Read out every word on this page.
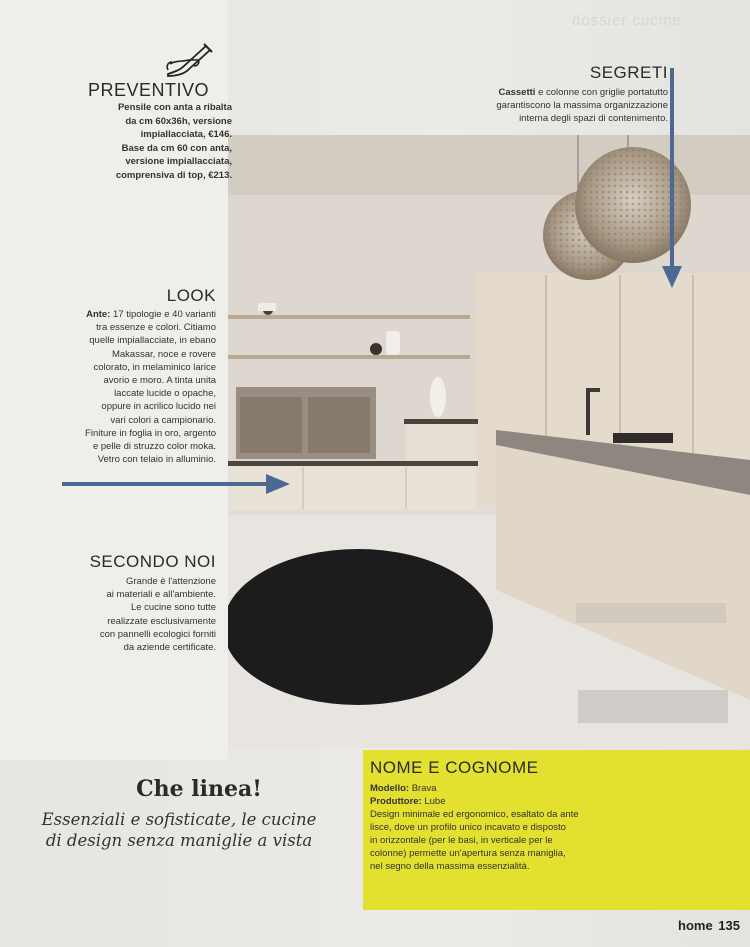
dossier cucine

PREVENTIVO
Pensile con anta a ribalta
da cm 60x36h, versione
impiallacciata, €146.
Base da cm 60 con anta,
versione impiallacciata,
comprensiva di top, €213.
SEGRETI
Cassetti e colonne con griglie portatutto
garantiscono la massima organizzazione
interna degli spazi di contenimento.
LOOK
Ante: 17 tipologie e 40 varianti
tra essenze e colori. Citiamo
quelle impiallacciate, in ebano
Makassar, noce e rovere
colorato, in melaminico larice
avorio e moro. A tinta unita
laccate lucide o opache,
oppure in acrilico lucido nei
vari colori a campionario.
Finiture in foglia in oro, argento
e pelle di struzzo color moka.
Vetro con telaio in alluminio.
SECONDO NOI
Grande è l'attenzione
ai materiali e all'ambiente.
Le cucine sono tutte
realizzate esclusivamente
con pannelli ecologici forniti
da aziende certificate.
Che linea!
Essenziali e sofisticate, le cucine
di design senza maniglie a vista
NOME E COGNOME
Modello: Brava
Produttore: Lube
Design minimale ed ergonomico, esaltato da ante
lisce, dove un profilo unico incavato e disposto
in orizzontale (per le basi, in verticale per le
colonne) permette un'apertura senza maniglia,
nel segno della massima essenzialità.
home 135
